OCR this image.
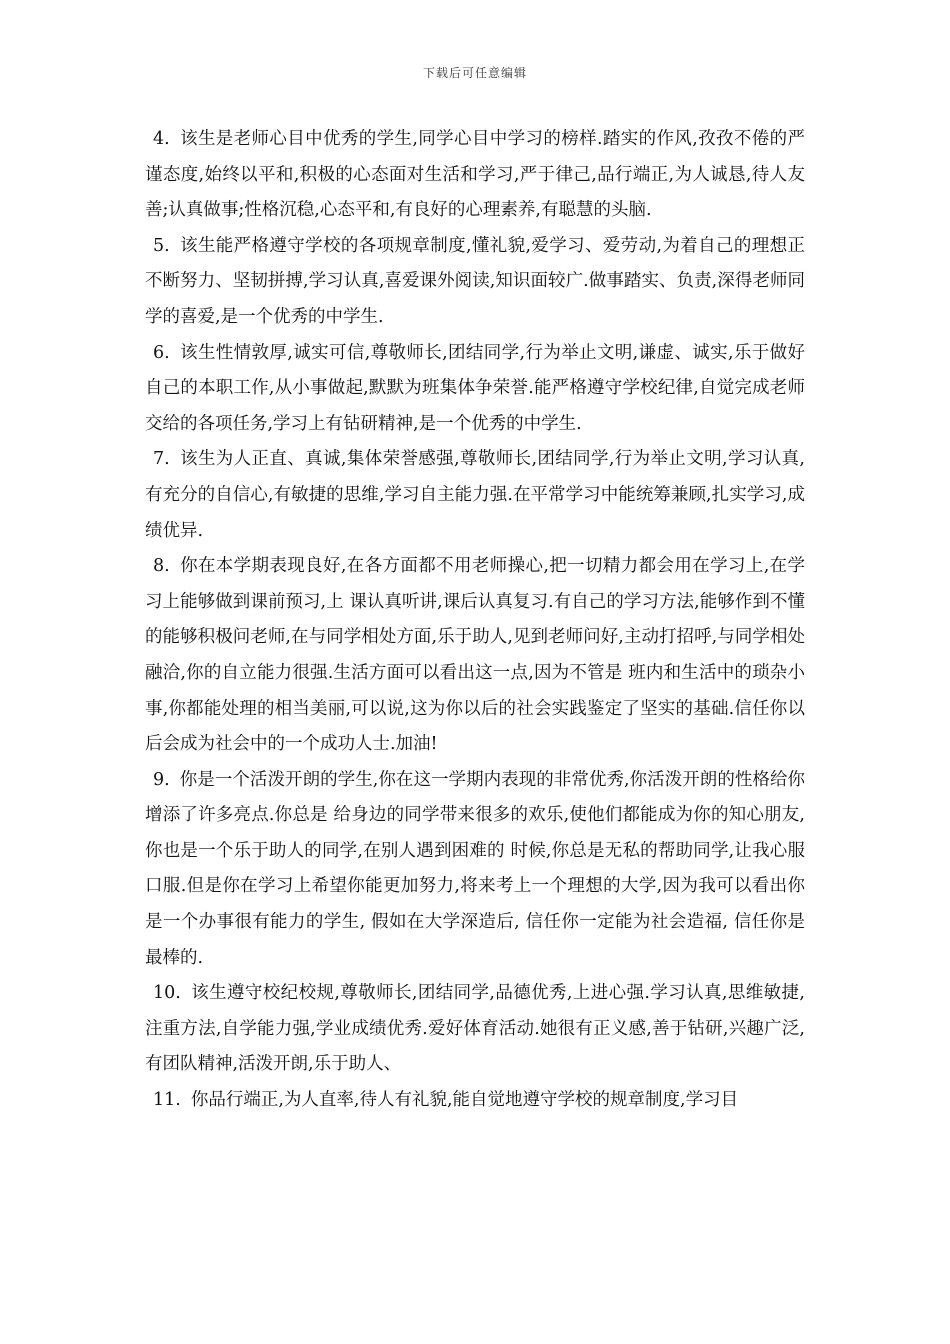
下载后可任意编辑

4. 该生是老师心目中优秀的学生,同学心目中学习的榜样.踏实的作风,孜孜不倦的严谨态度,始终以平和,积极的心态面对生活和学习,严于律己,品行端正,为人诚恳,待人友善;认真做事;性格沉稳,心态平和,有良好的心理素养,有聪慧的头脑.

5. 该生能严格遵守学校的各项规章制度,懂礼貌,爱学习、爱劳动,为着自己的理想正不断努力、坚韧拼搏,学习认真,喜爱课外阅读,知识面较广.做事踏实、负责,深得老师同学的喜爱,是一个优秀的中学生.

6. 该生性情敦厚,诚实可信,尊敬师长,团结同学,行为举止文明,谦虚、诚实,乐于做好自己的本职工作,从小事做起,默默为班集体争荣誉.能严格遵守学校纪律,自觉完成老师交给的各项任务,学习上有钻研精神,是一个优秀的中学生.

7. 该生为人正直、真诚,集体荣誉感强,尊敬师长,团结同学,行为举止文明,学习认真,有充分的自信心,有敏捷的思维,学习自主能力强.在平常学习中能统筹兼顾,扎实学习,成绩优异.

8. 你在本学期表现良好,在各方面都不用老师操心,把一切精力都会用在学习上,在学习上能够做到课前预习,上 课认真听讲,课后认真复习.有自己的学习方法,能够作到不懂的能够积极问老师,在与同学相处方面,乐于助人,见到老师问好,主动打招呼,与同学相处融洽,你的自立能力很强.生活方面可以看出这一点,因为不管是 班内和生活中的琐杂小事,你都能处理的相当美丽,可以说,这为你以后的社会实践鉴定了坚实的基础.信任你以后会成为社会中的一个成功人士.加油!

9. 你是一个活泼开朗的学生,你在这一学期内表现的非常优秀,你活泼开朗的性格给你增添了许多亮点.你总是 给身边的同学带来很多的欢乐,使他们都能成为你的知心朋友,你也是一个乐于助人的同学,在别人遇到困难的 时候,你总是无私的帮助同学,让我心服口服.但是你在学习上希望你能更加努力,将来考上一个理想的大学,因为我可以看出你是一个办事很有能力的学生, 假如在大学深造后, 信任你一定能为社会造福, 信任你是最棒的.

10. 该生遵守校纪校规,尊敬师长,团结同学,品德优秀,上进心强.学习认真,思维敏捷,注重方法,自学能力强,学业成绩优秀.爱好体育活动.她很有正义感,善于钻研,兴趣广泛,有团队精神,活泼开朗,乐于助人、

11. 你品行端正,为人直率,待人有礼貌,能自觉地遵守学校的规章制度,学习目
